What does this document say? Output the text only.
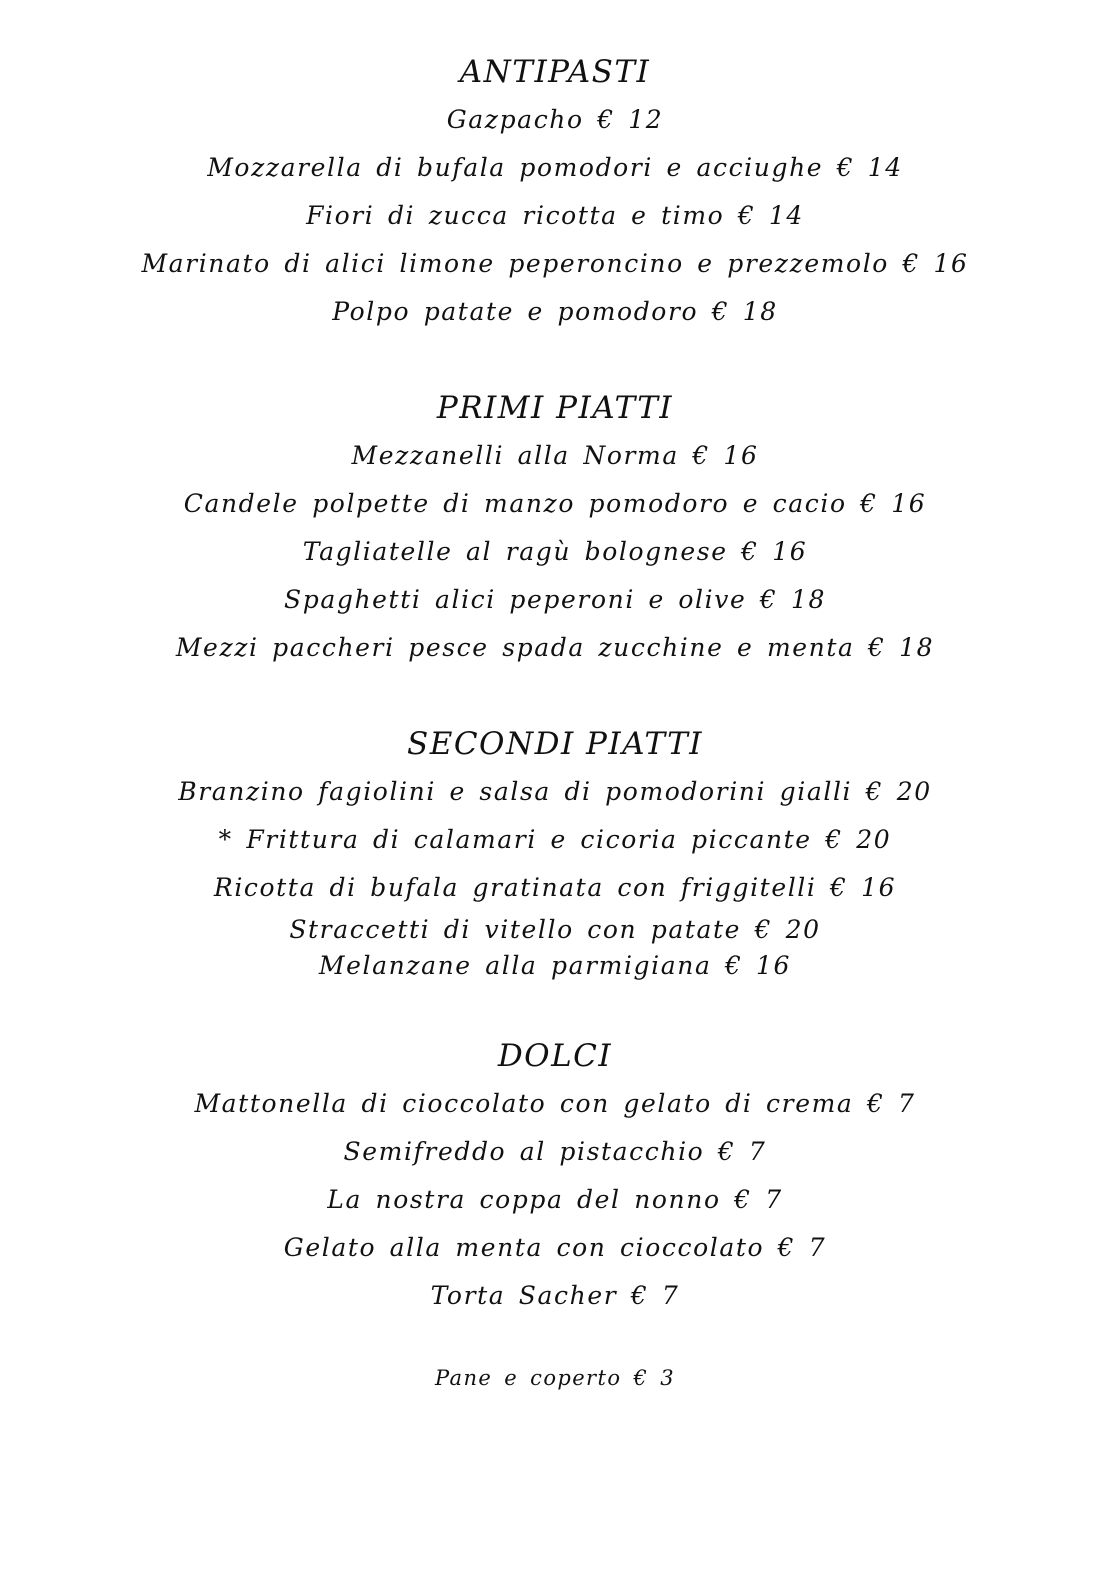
ANTIPASTI
Gazpacho € 12
Mozzarella di bufala pomodori e acciughe € 14
Fiori di zucca ricotta e timo € 14
Marinato di alici limone peperoncino e prezzemolo € 16
Polpo patate e pomodoro € 18
PRIMI PIATTI
Mezzanelli alla Norma € 16
Candele polpette di manzo pomodoro e cacio € 16
Tagliatelle al ragù bolognese € 16
Spaghetti alici peperoni e olive € 18
Mezzi paccheri pesce spada zucchine e menta € 18
SECONDI PIATTI
Branzino fagiolini e salsa di pomodorini gialli € 20
* Frittura di calamari e cicoria piccante € 20
Ricotta di bufala gratinata con friggitelli € 16
Straccetti di vitello con patate € 20
Melanzane alla parmigiana € 16
DOLCI
Mattonella di cioccolato con gelato di crema € 7
Semifreddo al pistacchio € 7
La nostra coppa del nonno € 7
Gelato alla menta con cioccolato € 7
Torta Sacher € 7
Pane e coperto € 3
